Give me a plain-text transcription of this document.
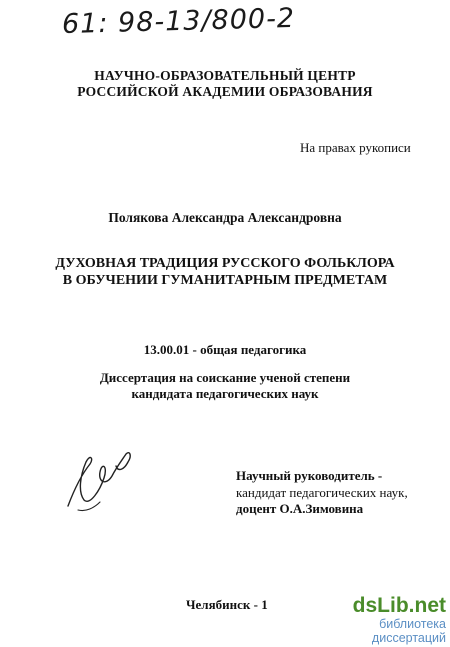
61: 98-13/800-2
НАУЧНО-ОБРАЗОВАТЕЛЬНЫЙ ЦЕНТР
РОССИЙСКОЙ АКАДЕМИИ ОБРАЗОВАНИЯ
На правах рукописи
Полякова Александра Александровна
ДУХОВНАЯ ТРАДИЦИЯ РУССКОГО ФОЛЬКЛОРА
В ОБУЧЕНИИ ГУМАНИТАРНЫМ ПРЕДМЕТАМ
13.00.01 - общая педагогика
Диссертация на соискание ученой степени
кандидата педагогических наук
Научный руководитель -
кандидат педагогических наук,
доцент О.А.Зимовина
Челябинск - 1	dsLib.net
библиотека диссертаций
